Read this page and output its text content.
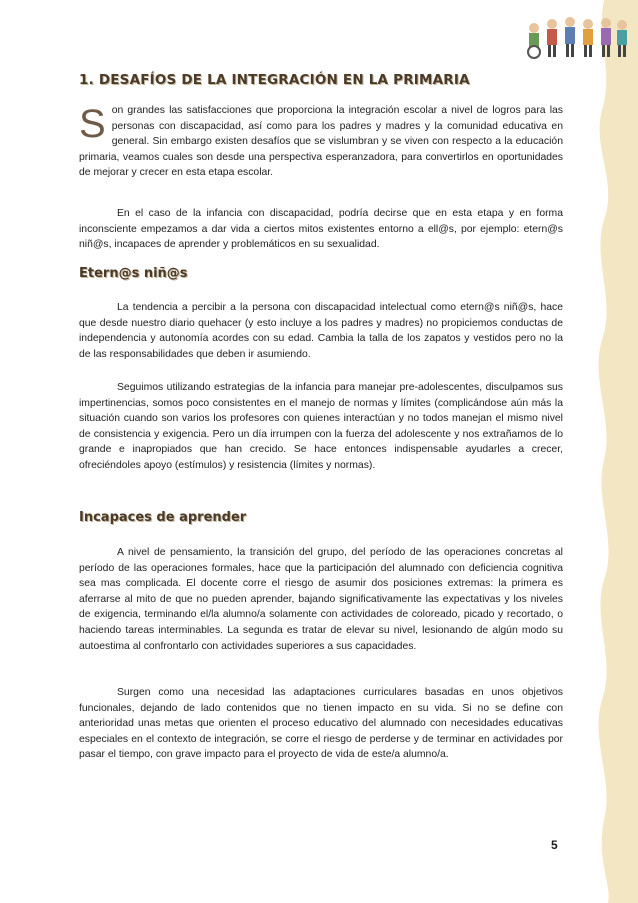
1. DESAFÍOS DE LA INTEGRACIÓN EN LA PRIMARIA

Son grandes las satisfacciones que proporciona la integración escolar a nivel de logros para las personas con discapacidad, así como para los padres y madres y la comunidad educativa en general. Sin embargo existen desafíos que se vislumbran y se viven con respecto a la educación primaria, veamos cuales son desde una perspectiva esperanzadora, para convertirlos en oportunidades de mejorar y crecer en esta etapa escolar.

En el caso de la infancia con discapacidad, podría decirse que en esta etapa y en forma inconsciente empezamos a dar vida a ciertos mitos existentes entorno a ell@s, por ejemplo: etern@s niñ@s, incapaces de aprender y problemáticos en su sexualidad.

Etern@s niñ@s

La tendencia a percibir a la persona con discapacidad intelectual como etern@s niñ@s, hace que desde nuestro diario quehacer (y esto incluye a los padres y madres) no propiciemos conductas de independencia y autonomía acordes con su edad. Cambia la talla de los zapatos y vestidos pero no la de las responsabilidades que deben ir asumiendo.

Seguimos utilizando estrategias de la infancia para manejar pre-adolescentes, disculpamos sus impertinencias, somos poco consistentes en el manejo de normas y límites (complicándose aún más la situación cuando son varios los profesores con quienes interactúan y no todos manejan el mismo nivel de consistencia y exigencia. Pero un día irrumpen con la fuerza del adolescente y nos extrañamos de lo grande e inapropiados que han crecido. Se hace entonces indispensable ayudarles a crecer, ofreciéndoles apoyo (estímulos) y resistencia (límites y normas).

Incapaces de aprender

A nivel de pensamiento, la transición del grupo, del período de las operaciones concretas al período de las operaciones formales, hace que la participación del alumnado con deficiencia cognitiva sea mas complicada. El docente corre el riesgo de asumir dos posiciones extremas: la primera es aferrarse al mito de que no pueden aprender, bajando significativamente las expectativas y los niveles de exigencia, terminando el/la alumno/a solamente con actividades de coloreado, picado y recortado, o haciendo tareas interminables. La segunda es tratar de elevar su nivel, lesionando de algún modo su autoestima al confrontarlo con actividades superiores a sus capacidades.

Surgen como una necesidad las adaptaciones curriculares basadas en unos objetivos funcionales, dejando de lado contenidos que no tienen impacto en su vida. Si no se define con anterioridad unas metas que orienten el proceso educativo del alumnado con necesidades educativas especiales en el contexto de integración, se corre el riesgo de perderse y de terminar en actividades por pasar el tiempo, con grave impacto para el proyecto de vida de este/a alumno/a.

5
